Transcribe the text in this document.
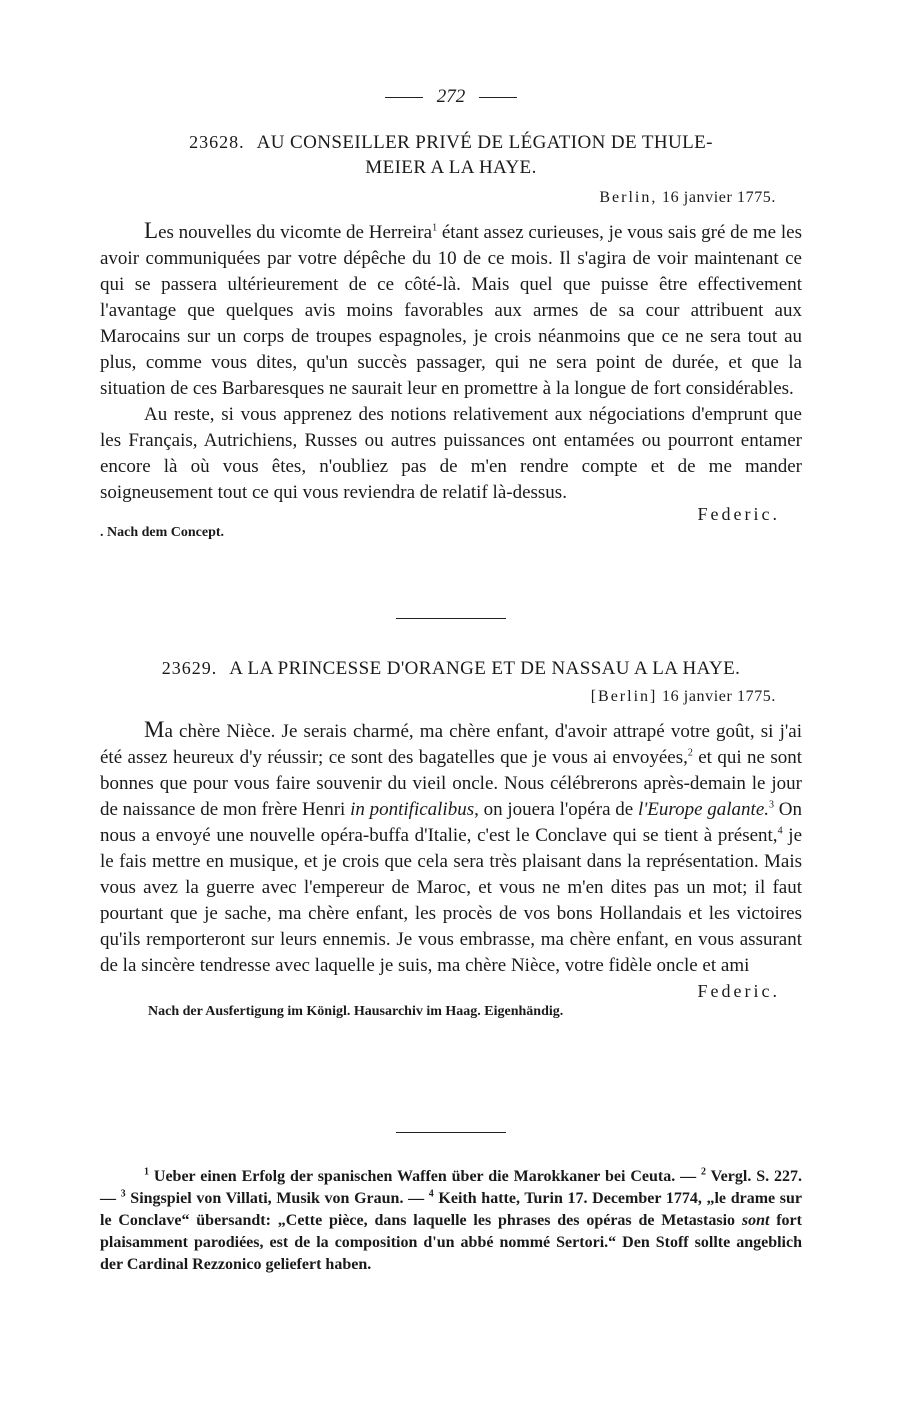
272
23628. AU CONSEILLER PRIVÉ DE LÉGATION DE THULE-
MEIER A LA HAYE.
Berlin, 16 janvier 1775.

Les nouvelles du vicomte de Herreira$^1$ étant assez curieuses, je vous sais gré de me les avoir communiquées par votre dépêche du 10 de ce mois. Il s'agira de voir maintenant ce qui se passera ultérieurement de ce côté-là. Mais quel que puisse être effectivement l'avantage que quelques avis moins favorables aux armes de sa cour attribuent aux Marocains sur un corps de troupes espagnoles, je crois néanmoins que ce ne sera tout au plus, comme vous dites, qu'un succès passager, qui ne sera point de durée, et que la situation de ces Barbaresques ne saurait leur en promettre à la longue de fort considérables.

Au reste, si vous apprenez des notions relativement aux négociations d'emprunt que les Français, Autrichiens, Russes ou autres puissances ont entamées ou pourront entamer encore là où vous êtes, n'oubliez pas de m'en rendre compte et de me mander soigneusement tout ce qui vous reviendra de relatif là-dessus.

Federic.
. Nach dem Concept.
23629. A LA PRINCESSE D'ORANGE ET DE NASSAU A LA HAYE.
[Berlin] 16 janvier 1775.

Ma chère Nièce. Je serais charmé, ma chère enfant, d'avoir attrapé votre goût, si j'ai été assez heureux d'y réussir; ce sont des bagatelles que je vous ai envoyées,$^2$ et qui ne sont bonnes que pour vous faire souvenir du vieil oncle. Nous célébrerons après-demain le jour de naissance de mon frère Henri in pontificalibus, on jouera l'opéra de l'Europe galante.$^3$ On nous a envoyé une nouvelle opéra-buffa d'Italie, c'est le Conclave qui se tient à présent,$^4$ je le fais mettre en musique, et je crois que cela sera très plaisant dans la représentation. Mais vous avez la guerre avec l'empereur de Maroc, et vous ne m'en dites pas un mot; il faut pourtant que je sache, ma chère enfant, les procès de vos bons Hollandais et les victoires qu'ils remporteront sur leurs ennemis. Je vous embrasse, ma chère enfant, en vous assurant de la sincère tendresse avec laquelle je suis, ma chère Nièce, votre fidèle oncle et ami

Federic.
Nach der Ausfertigung im Königl. Hausarchiv im Haag. Eigenhändig.

$^1$ Ueber einen Erfolg der spanischen Waffen über die Marokkaner bei Ceuta. — $^2$ Vergl. S. 227. — $^3$ Singspiel von Villati, Musik von Graun. — $^4$ Keith hatte, Turin 17. December 1774, „le drame sur le Conclave“ übersandt: „Cette pièce, dans laquelle les phrases des opéras de Metastasio sont fort plaisamment parodiées, est de la composition d'un abbé nommé Sertori.“ Den Stoff sollte angeblich der Cardinal Rezzonico geliefert haben.
